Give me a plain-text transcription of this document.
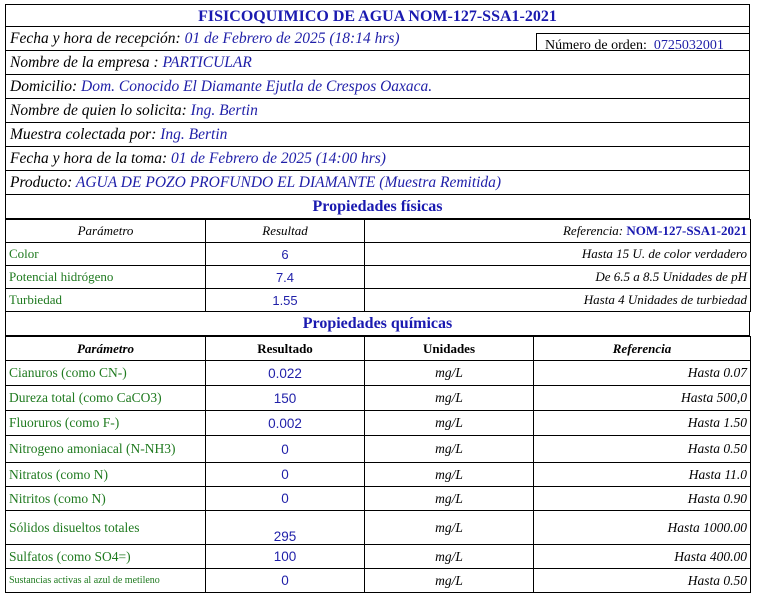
FISICOQUIMICO DE AGUA NOM-127-SSA1-2021
Fecha y hora de recepción: 01 de Febrero de 2025 (18:14 hrs)	Número de orden: 0725032001
Nombre de la empresa : PARTICULAR
Domicilio: Dom. Conocido El Diamante Ejutla de Crespos Oaxaca.
Nombre de quien lo solicita: Ing. Bertin
Muestra colectada por: Ing. Bertin
Fecha y hora de la toma: 01 de Febrero de 2025 (14:00 hrs)
Producto: AGUA DE POZO PROFUNDO EL DIAMANTE (Muestra Remitida)
Propiedades físicas
Parámetro	Resultad	Referencia: NOM-127-SSA1-2021
Color	6	Hasta 15 U. de color verdadero
Potencial hidrógeno	7.4	De 6.5 a 8.5 Unidades de pH
Turbiedad	1.55	Hasta 4 Unidades de turbiedad
Propiedades químicas
Parámetro	Resultado	Unidades	Referencia
Cianuros (como CN-)	0.022	mg/L	Hasta 0.07
Dureza total (como CaCO3)	150	mg/L	Hasta 500,0
Fluoruros (como F-)	0.002	mg/L	Hasta 1.50
Nitrogeno amoniacal (N-NH3)	0	mg/L	Hasta 0.50
Nitratos (como N)	0	mg/L	Hasta 11.0
Nitritos (como N)	0	mg/L	Hasta 0.90
Sólidos disueltos totales	295	mg/L	Hasta 1000.00
Sulfatos (como SO4=)	100	mg/L	Hasta 400.00
Sustancias activas al azul de metileno	0	mg/L	Hasta 0.50
